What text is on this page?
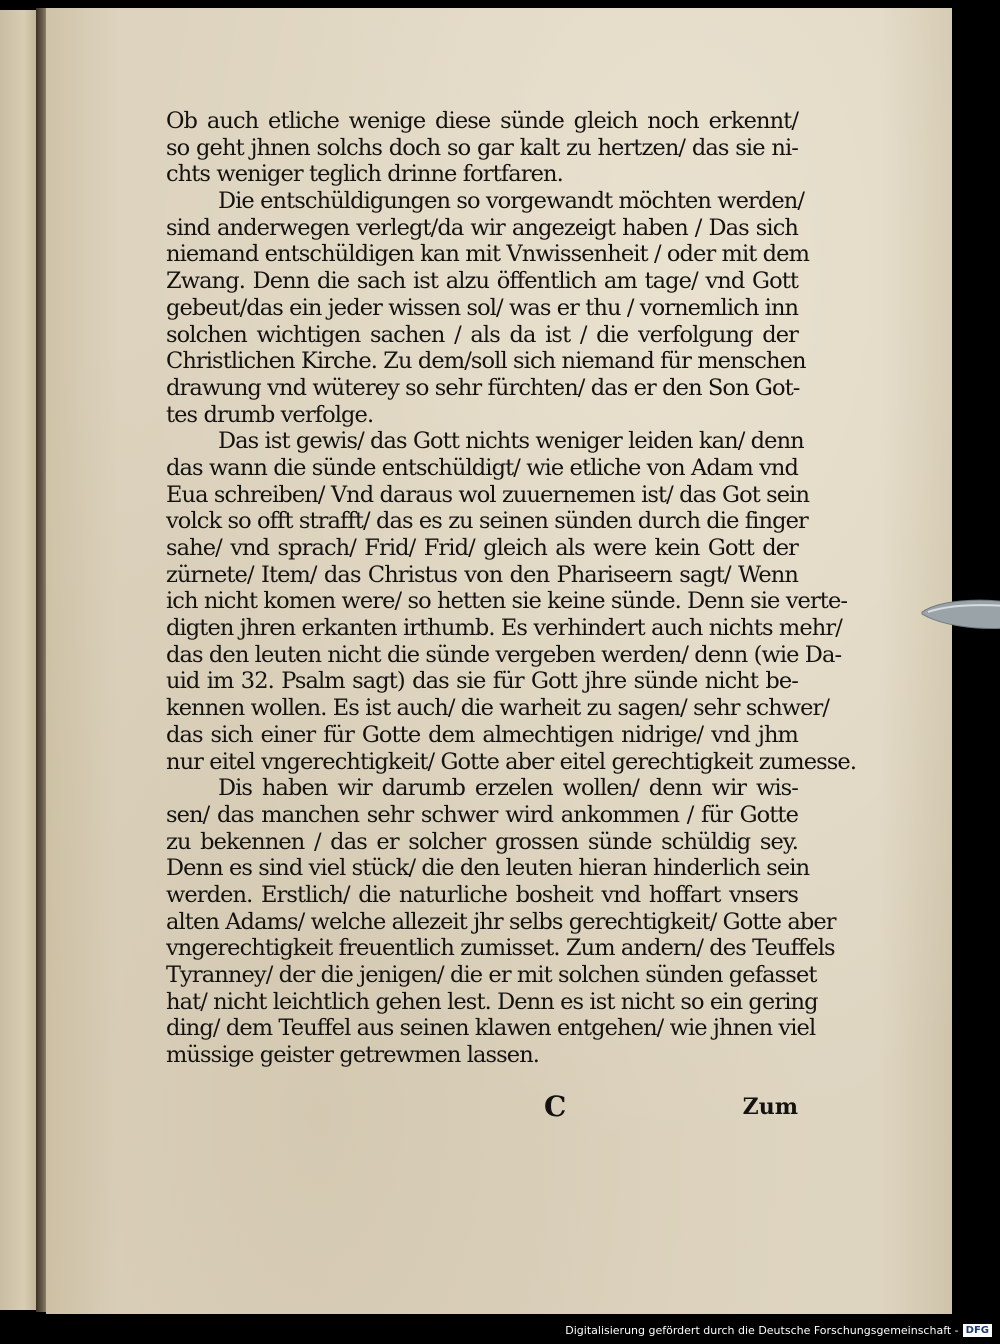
Ob auch etliche wenige diese sünde gleich noch erkennt/
so geht jhnen solchs doch so gar kalt zu hertzen/ das sie ni-
chts weniger teglich drinne fortfaren.
Die entschüldigungen so vorgewandt möchten werden/
sind anderwegen verlegt/da wir angezeigt haben / Das sich
niemand entschüldigen kan mit Vnwissenheit / oder mit dem
Zwang. Denn die sach ist alzu öffentlich am tage/ vnd Gott
gebeut/das ein jeder wissen sol/ was er thu / vornemlich inn
solchen wichtigen sachen / als da ist / die verfolgung der
Christlichen Kirche. Zu dem/soll sich niemand für menschen
drawung vnd wüterey so sehr fürchten/ das er den Son Got-
tes drumb verfolge.
Das ist gewis/ das Gott nichts weniger leiden kan/ denn
das wann die sünde entschüldigt/ wie etliche von Adam vnd
Eua schreiben/ Vnd daraus wol zuuernemen ist/ das Got sein
volck so offt strafft/ das es zu seinen sünden durch die finger
sahe/ vnd sprach/ Frid/ Frid/ gleich als were kein Gott der
zürnete/ Item/ das Christus von den Phariseern sagt/ Wenn
ich nicht komen were/ so hetten sie keine sünde. Denn sie verte-
digten jhren erkanten irthumb. Es verhindert auch nichts mehr/
das den leuten nicht die sünde vergeben werden/ denn (wie Da-
uid im 32. Psalm sagt) das sie für Gott jhre sünde nicht be-
kennen wollen. Es ist auch/ die warheit zu sagen/ sehr schwer/
das sich einer für Gotte dem almechtigen nidrige/ vnd jhm
nur eitel vngerechtigkeit/ Gotte aber eitel gerechtigkeit zumesse.
Dis haben wir darumb erzelen wollen/ denn wir wis-
sen/ das manchen sehr schwer wird ankommen / für Gotte
zu bekennen / das er solcher grossen sünde schüldig sey.
Denn es sind viel stück/ die den leuten hieran hinderlich sein
werden. Erstlich/ die naturliche bosheit vnd hoffart vnsers
alten Adams/ welche allezeit jhr selbs gerechtigkeit/ Gotte aber
vngerechtigkeit freuentlich zumisset. Zum andern/ des Teuffels
Tyranney/ der die jenigen/ die er mit solchen sünden gefasset
hat/ nicht leichtlich gehen lest. Denn es ist nicht so ein gering
ding/ dem Teuffel aus seinen klawen entgehen/ wie jhnen viel
müssige geister getrewmen lassen.
C	Zum
Digitalisierung gefördert durch die Deutsche Forschungsgemeinschaft - DFG
